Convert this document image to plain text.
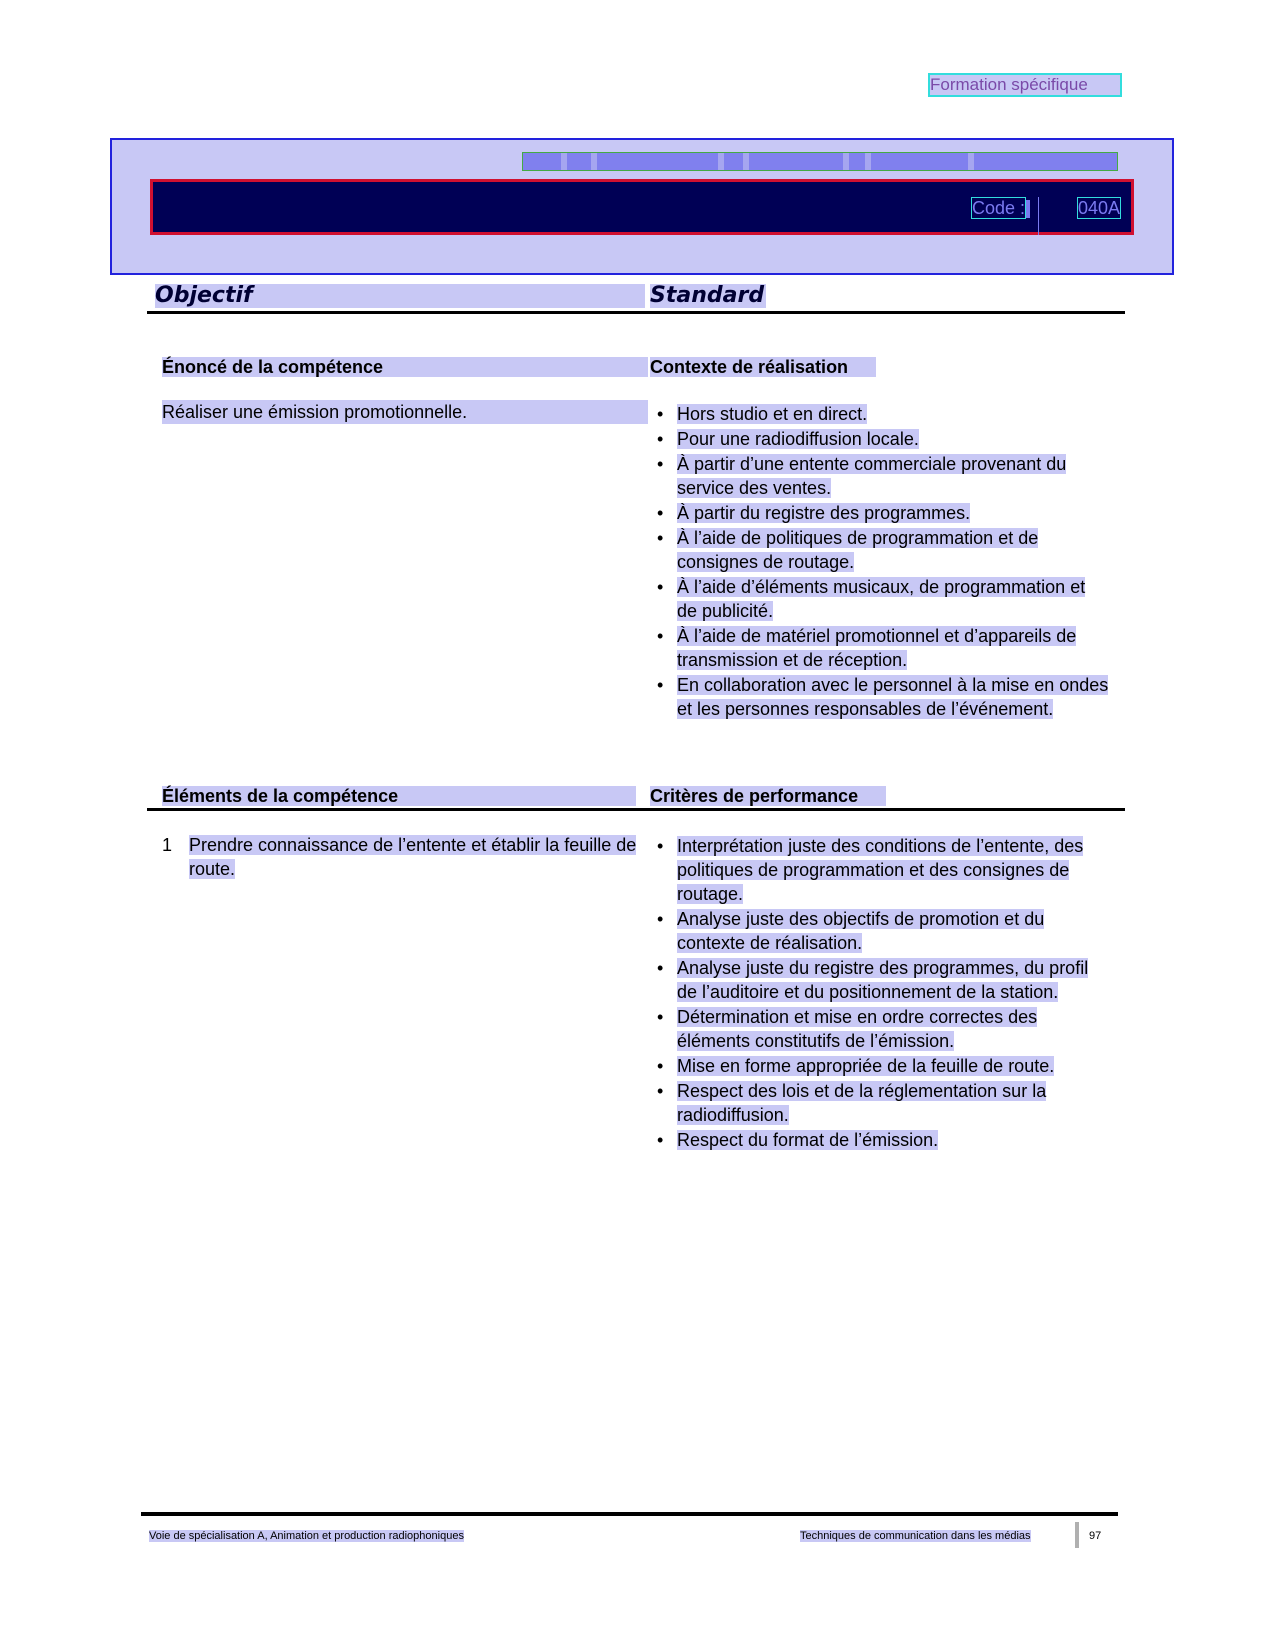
Formation spécifique
Code :	040A
Objectif	Standard
Énoncé de la compétence	Contexte de réalisation
Réaliser une émission promotionnelle.
•	Hors studio et en direct.
• Pour une radiodiffusion locale.
• À partir d’une entente commerciale provenant du service des ventes.
• À partir du registre des programmes.
• À l’aide de politiques de programmation et de consignes de routage.
• À l’aide d’éléments musicaux, de programmation et de publicité.
• À l’aide de matériel promotionnel et d’appareils de transmission et de réception.
• En collaboration avec le personnel à la mise en ondes et les personnes responsables de l’événement.
Éléments de la compétence	Critères de performance
1 Prendre connaissance de l’entente et établir la feuille de route.
• Interprétation juste des conditions de l’entente, des politiques de programmation et des consignes de routage.
• Analyse juste des objectifs de promotion et du contexte de réalisation.
• Analyse juste du registre des programmes, du profil de l’auditoire et du positionnement de la station.
• Détermination et mise en ordre correctes des éléments constitutifs de l’émission.
• Mise en forme appropriée de la feuille de route.
• Respect des lois et de la réglementation sur la radiodiffusion.
• Respect du format de l’émission.
Voie de spécialisation A, Animation et production radiophoniques	Techniques de communication dans les médias	97
